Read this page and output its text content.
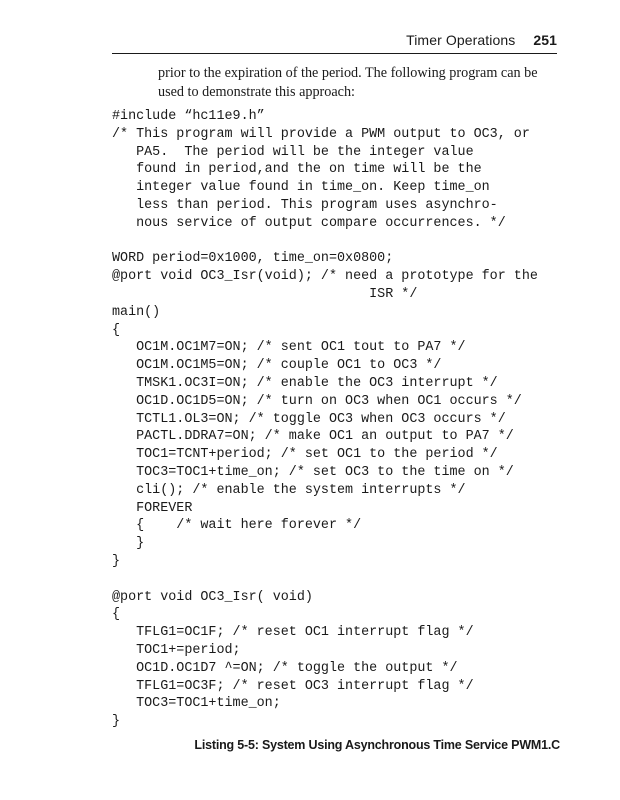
Timer Operations 251

prior to the expiration of the period. The following program can be

used to demonstrate this approach:

#include “hc11e9.h”
/* This program will provide a PWM output to OC3, or
PA5.  The period will be the integer value
found in period,and the on time will be the
integer value found in time_on. Keep time_on
less than period. This program uses asynchro-
nous service of output compare occurrences. */
WORD period=0x1000, time_on=0x0800;
@port void OC3_Isr(void); /* need a prototype for the
ISR */
main()
{
OC1M.OC1M7=ON; /* sent OC1 tout to PA7 */
OC1M.OC1M5=ON; /* couple OC1 to OC3 */
TMSK1.OC3I=ON; /* enable the OC3 interrupt */
OC1D.OC1D5=ON; /* turn on OC3 when OC1 occurs */
TCTL1.OL3=ON; /* toggle OC3 when OC3 occurs */
PACTL.DDRA7=ON; /* make OC1 an output to PA7 */
TOC1=TCNT+period; /* set OC1 to the period */
TOC3=TOC1+time_on; /* set OC3 to the time on */
cli(); /* enable the system interrupts */
FOREVER
{    /* wait here forever */
}
}
@port void OC3_Isr( void)
{
TFLG1=OC1F; /* reset OC1 interrupt flag */
TOC1+=period;
OC1D.OC1D7 ^=ON; /* toggle the output */
TFLG1=OC3F; /* reset OC3 interrupt flag */
TOC3=TOC1+time_on;
}
Listing 5-5: System Using Asynchronous Time Service PWM1.C
